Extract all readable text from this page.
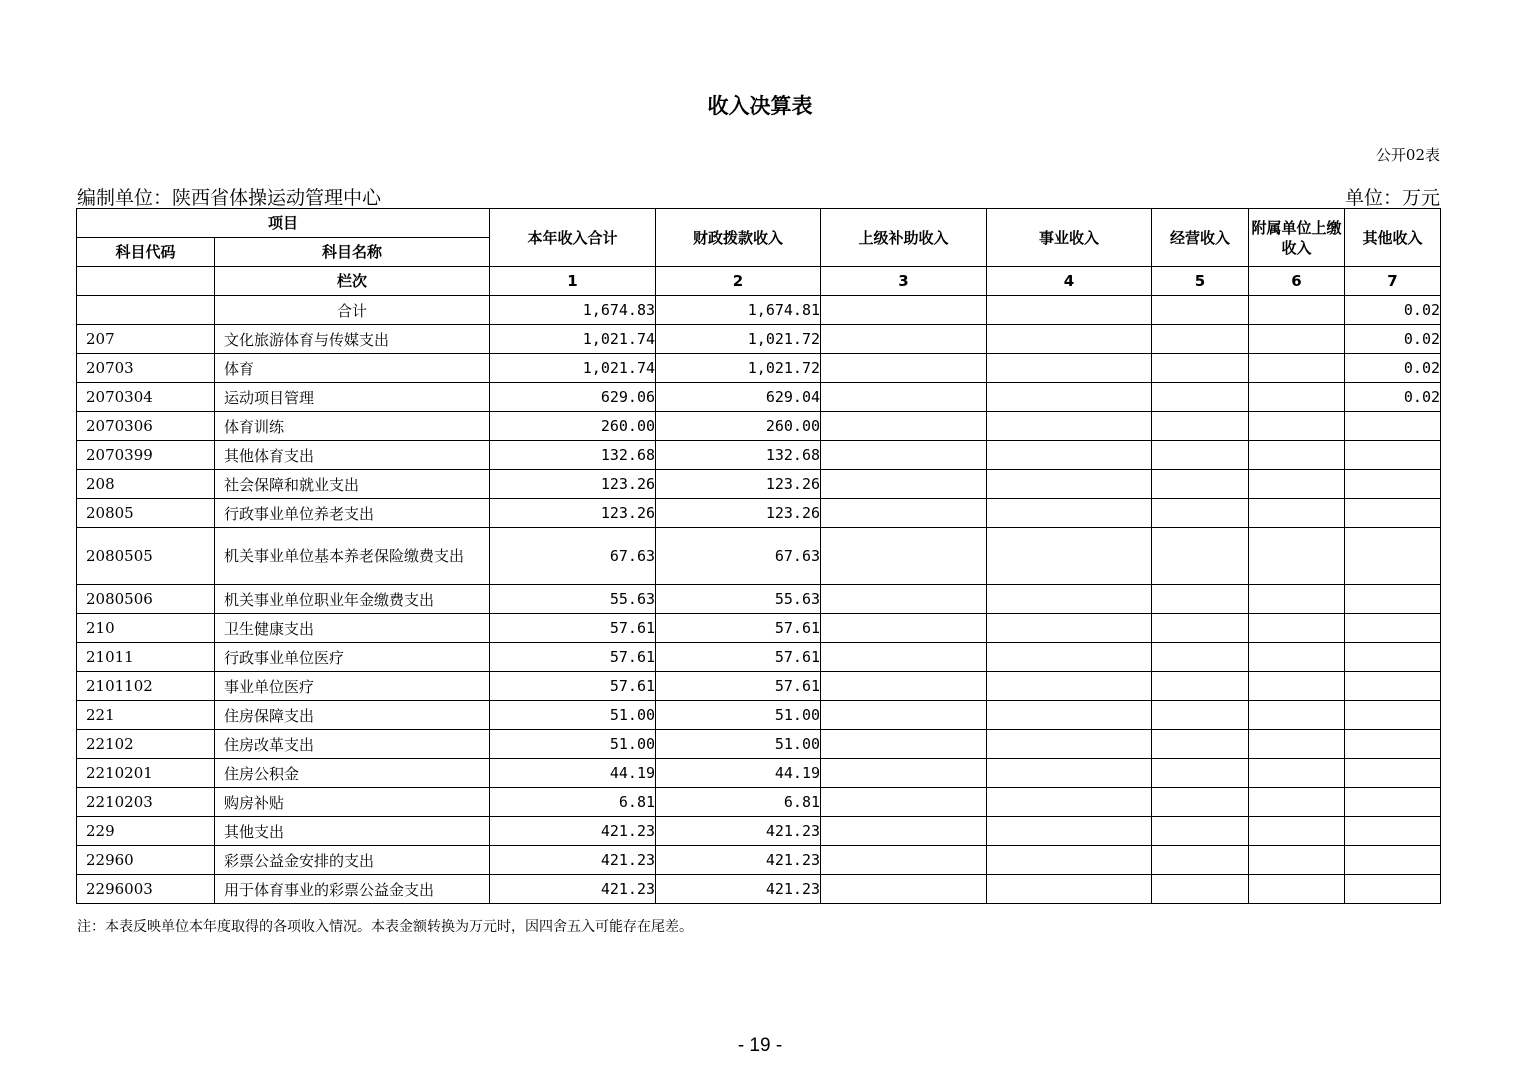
收入决算表
公开02表
编制单位：陕西省体操运动管理中心	单位：万元
项目		本年收入合计	财政拨款收入	上级补助收入	事业收入	经营收入	附属单位上缴收入	其他收入
科目代码	科目名称							
	栏次	1	2	3	4	5	6	7
	合计	1,674.83	1,674.81					0.02
207	文化旅游体育与传媒支出	1,021.74	1,021.72					0.02
20703	体育	1,021.74	1,021.72					0.02
2070304	运动项目管理	629.06	629.04					0.02
2070306	体育训练	260.00	260.00					
2070399	其他体育支出	132.68	132.68					
208	社会保障和就业支出	123.26	123.26					
20805	行政事业单位养老支出	123.26	123.26					
2080505	机关事业单位基本养老保险缴费支出	67.63	67.63					
2080506	机关事业单位职业年金缴费支出	55.63	55.63					
210	卫生健康支出	57.61	57.61					
21011	行政事业单位医疗	57.61	57.61					
2101102	事业单位医疗	57.61	57.61					
221	住房保障支出	51.00	51.00					
22102	住房改革支出	51.00	51.00					
2210201	住房公积金	44.19	44.19					
2210203	购房补贴	6.81	6.81					
229	其他支出	421.23	421.23					
22960	彩票公益金安排的支出	421.23	421.23					
2296003	用于体育事业的彩票公益金支出	421.23	421.23					
注：本表反映单位本年度取得的各项收入情况。本表金额转换为万元时，因四舍五入可能存在尾差。
- 19 -
